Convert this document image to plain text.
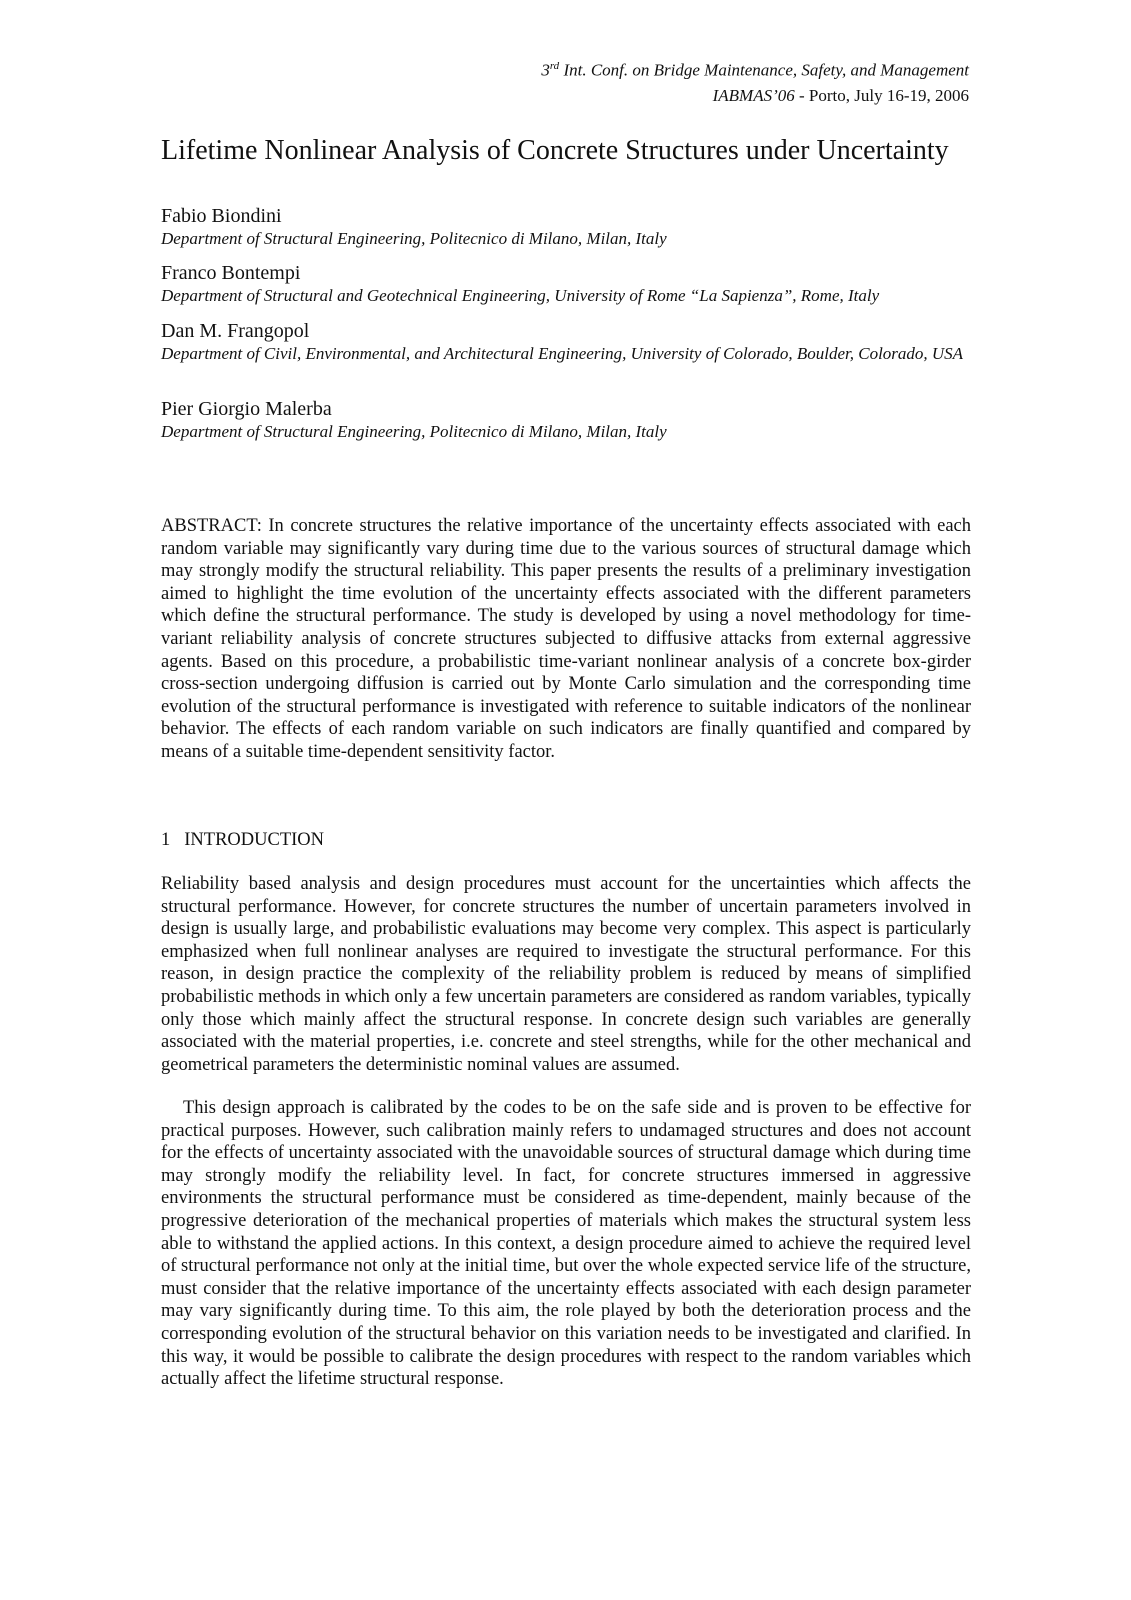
3rd Int. Conf. on Bridge Maintenance, Safety, and Management
IABMAS’06 - Porto, July 16-19, 2006
Lifetime Nonlinear Analysis of Concrete Structures under Uncertainty
Fabio Biondini
Department of Structural Engineering, Politecnico di Milano, Milan, Italy
Franco Bontempi
Department of Structural and Geotechnical Engineering, University of Rome “La Sapienza”, Rome, Italy
Dan M. Frangopol
Department of Civil, Environmental, and Architectural Engineering, University of Colorado, Boulder, Colorado, USA
Pier Giorgio Malerba
Department of Structural Engineering, Politecnico di Milano, Milan, Italy
ABSTRACT: In concrete structures the relative importance of the uncertainty effects associated with each random variable may significantly vary during time due to the various sources of structural damage which may strongly modify the structural reliability. This paper presents the results of a preliminary investigation aimed to highlight the time evolution of the uncertainty effects associated with the different parameters which define the structural performance. The study is developed by using a novel methodology for time-variant reliability analysis of concrete structures subjected to diffusive attacks from external aggressive agents. Based on this procedure, a probabilistic time-variant nonlinear analysis of a concrete box-girder cross-section undergoing diffusion is carried out by Monte Carlo simulation and the corresponding time evolution of the structural performance is investigated with reference to suitable indicators of the nonlinear behavior. The effects of each random variable on such indicators are finally quantified and compared by means of a suitable time-dependent sensitivity factor.
1 INTRODUCTION
Reliability based analysis and design procedures must account for the uncertainties which affects the structural performance. However, for concrete structures the number of uncertain parameters involved in design is usually large, and probabilistic evaluations may become very complex. This aspect is particularly emphasized when full nonlinear analyses are required to investigate the structural performance. For this reason, in design practice the complexity of the reliability problem is reduced by means of simplified probabilistic methods in which only a few uncertain parameters are considered as random variables, typically only those which mainly affect the structural response. In concrete design such variables are generally associated with the material properties, i.e. concrete and steel strengths, while for the other mechanical and geometrical parameters the deterministic nominal values are assumed.
This design approach is calibrated by the codes to be on the safe side and is proven to be effective for practical purposes. However, such calibration mainly refers to undamaged structures and does not account for the effects of uncertainty associated with the unavoidable sources of structural damage which during time may strongly modify the reliability level. In fact, for concrete structures immersed in aggressive environments the structural performance must be considered as time-dependent, mainly because of the progressive deterioration of the mechanical properties of materials which makes the structural system less able to withstand the applied actions. In this context, a design procedure aimed to achieve the required level of structural performance not only at the initial time, but over the whole expected service life of the structure, must consider that the relative importance of the uncertainty effects associated with each design parameter may vary significantly during time. To this aim, the role played by both the deterioration process and the corresponding evolution of the structural behavior on this variation needs to be investigated and clarified. In this way, it would be possible to calibrate the design procedures with respect to the random variables which actually affect the lifetime structural response.
